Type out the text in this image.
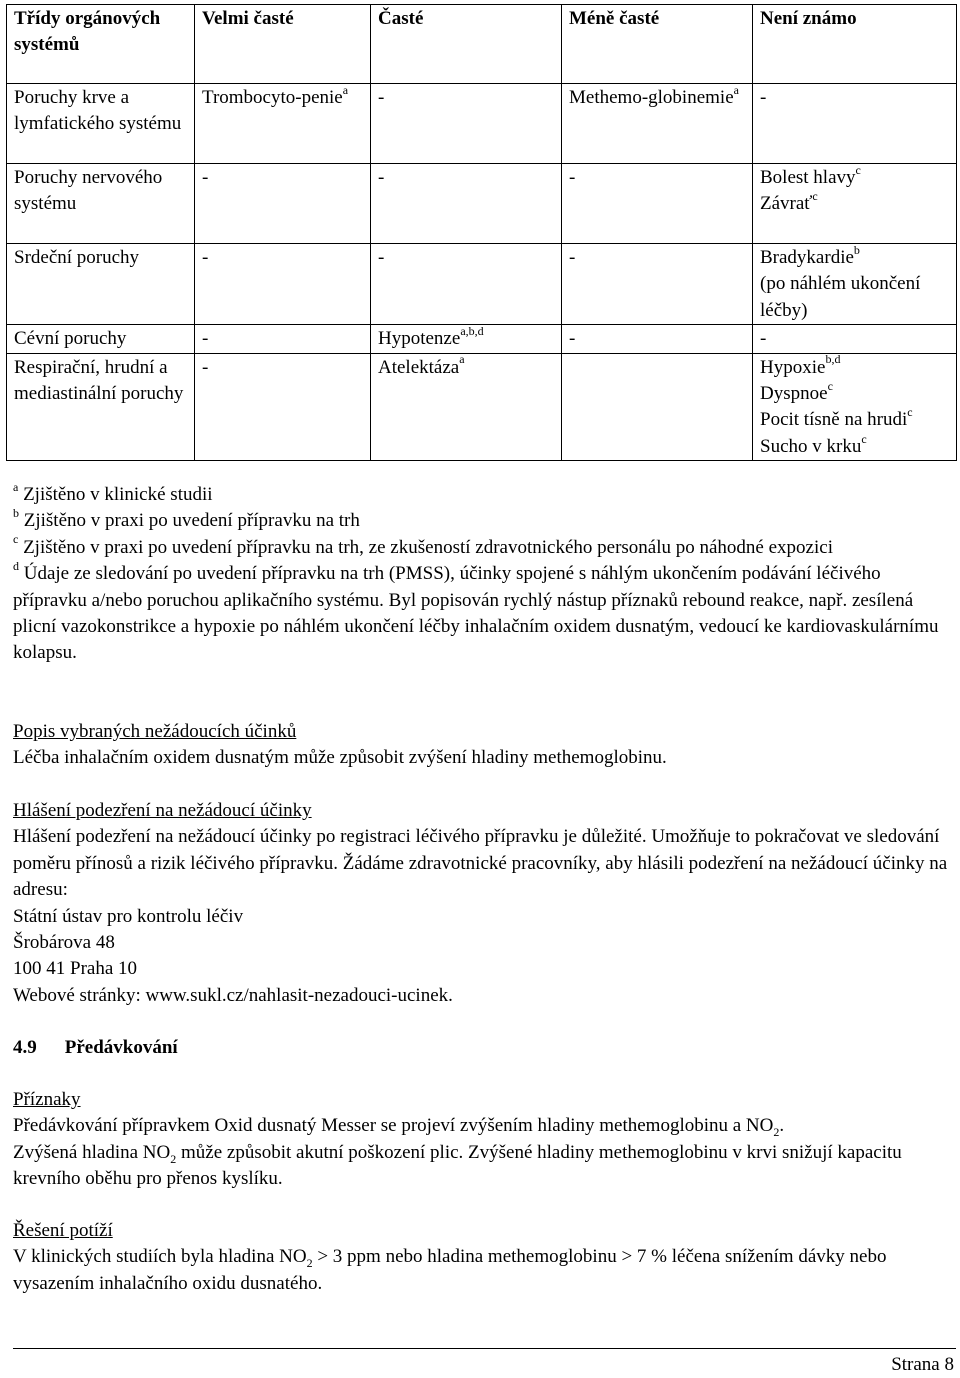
Třídy orgánových systémů	Velmi časté	Časté	Méně časté	Není známo
Poruchy krve a lymfatického systému	Trombocyto-penie$^a$	-	Methemo-globinemie$^a$	-
Poruchy nervového systému	-	-	-	Bolest hlavy$^c$
Závrať$^c$

Srdeční poruchy	-	-	-	Bradykardie$^b$
(po náhlém ukončení léčby)

Cévní poruchy	-	Hypotenze$^{a,b,d}$	-	-
Respirační, hrudní a mediastinální poruchy	-	Atelektáza$^a$		Hypoxie$^{b,d}$
Dyspnoe$^c$
Pocit tísně na hrudi$^c$
Sucho v krku$^c$

$^a$ Zjištěno v klinické studii

$^b$ Zjištěno v praxi po uvedení přípravku na trh

$^c$ Zjištěno v praxi po uvedení přípravku na trh, ze zkušeností zdravotnického personálu po náhodné expozici

$^d$ Údaje ze sledování po uvedení přípravku na trh (PMSS), účinky spojené s náhlým ukončením podávání léčivého přípravku a/nebo poruchou aplikačního systému. Byl popisován rychlý nástup příznaků rebound reakce, např. zesílená plicní vazokonstrikce a hypoxie po náhlém ukončení léčby inhalačním oxidem dusnatým, vedoucí ke kardiovaskulárnímu kolapsu.

Popis vybraných nežádoucích účinků

Léčba inhalačním oxidem dusnatým může způsobit zvýšení hladiny methemoglobinu.

Hlášení podezření na nežádoucí účinky

Hlášení podezření na nežádoucí účinky po registraci léčivého přípravku je důležité. Umožňuje to pokračovat ve sledování poměru přínosů a rizik léčivého přípravku. Žádáme zdravotnické pracovníky, aby hlásili podezření na nežádoucí účinky na adresu:

Státní ústav pro kontrolu léčiv

Šrobárova 48

100 41 Praha 10

Webové stránky: www.sukl.cz/nahlasit-nezadouci-ucinek.

4.9 Předávkování

Příznaky

Předávkování přípravkem Oxid dusnatý Messer se projeví zvýšením hladiny methemoglobinu a $NO_2$.

Zvýšená hladina $NO_2$ může způsobit akutní poškození plic. Zvýšené hladiny methemoglobinu v krvi snižují kapacitu krevního oběhu pro přenos kyslíku.

Řešení potíží

V klinických studiích byla hladina $NO_2 > 3$ ppm nebo hladina methemoglobinu > 7 % léčena snížením dávky nebo vysazením inhalačního oxidu dusnatého.

Strana 8
